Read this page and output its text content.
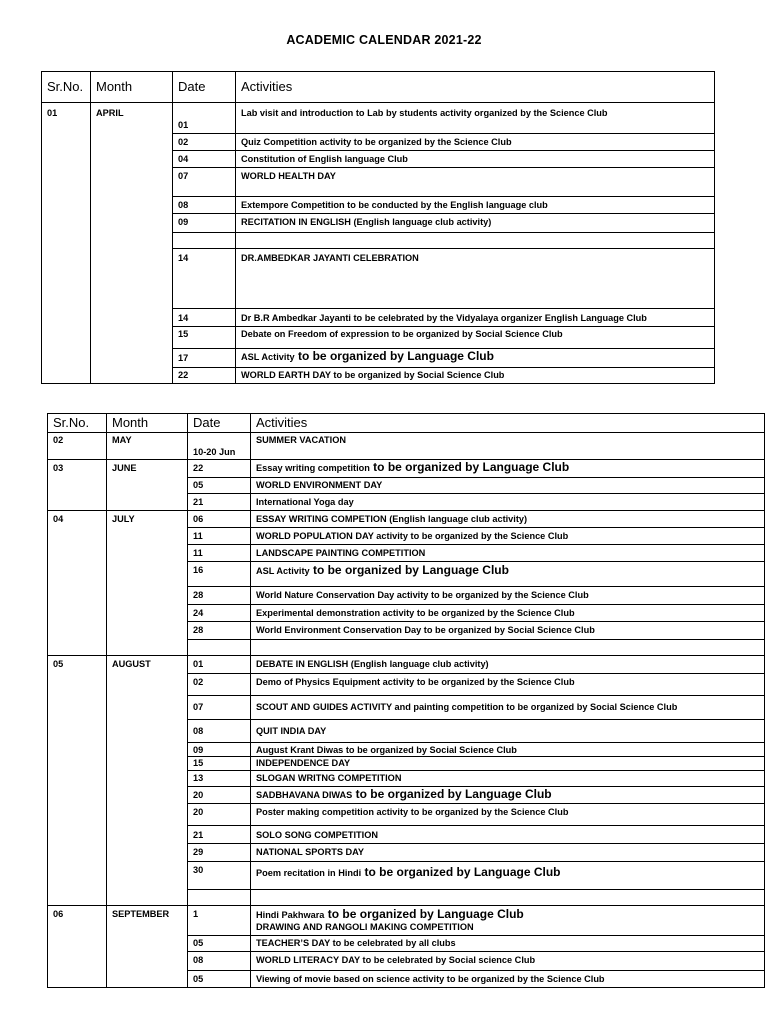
ACADEMIC CALENDAR 2021-22
Sr.No.	Month	Date	Activities
01	APRIL	01	Lab visit and introduction to Lab by students activity organized by the Science Club
		02	Quiz Competition activity to be organized by the Science Club
		04	Constitution of English language Club
		07	WORLD HEALTH DAY
		08	Extempore Competition to be conducted by the English language club
		09	RECITATION IN ENGLISH (English language club activity)

		14	DR.AMBEDKAR JAYANTI CELEBRATION
		14	Dr B.R Ambedkar Jayanti to be celebrated by the Vidyalaya organizer English Language Club
		15	Debate on Freedom of expression to be organized by Social Science Club
		17	ASL Activity to be organized by Language Club
		22	WORLD EARTH DAY to be organized by Social Science Club
Sr.No.	Month	Date	Activities
02	MAY	10-20 Jun	SUMMER VACATION
03	JUNE	22	Essay writing competition to be organized by Language Club
		05	WORLD ENVIRONMENT DAY
		21	International Yoga day
04	JULY	06	ESSAY WRITING COMPETION (English language club activity)
		11	WORLD POPULATION DAY activity to be organized by the Science Club
		11	LANDSCAPE PAINTING COMPETITION
		16	ASL Activity to be organized by Language Club
		28	World Nature Conservation Day activity to be organized by the Science Club
		24	Experimental demonstration activity to be organized by the Science Club
		28	World Environment Conservation Day to be organized by Social Science Club

05	AUGUST	01	DEBATE IN ENGLISH (English language club activity)
		02	Demo of Physics Equipment activity to be organized by the Science Club
		07	SCOUT AND GUIDES ACTIVITY and painting competition to be organized by Social Science Club
		08	QUIT INDIA DAY
		09	August Krant Diwas to be organized by Social Science Club
		15	INDEPENDENCE DAY
		13	SLOGAN WRITNG COMPETITION
		20	SADBHAVANA DIWAS to be organized by Language Club
		20	Poster making competition activity to be organized by the Science Club
		21	SOLO SONG COMPETITION
		29	NATIONAL SPORTS DAY
		30	Poem recitation in Hindi to be organized by Language Club

06	SEPTEMBER	1	Hindi Pakhwara to be organized by Language Club
DRAWING AND RANGOLI MAKING COMPETITION

		05	TEACHER’S DAY to be celebrated by all clubs
		08	WORLD LITERACY DAY to be celebrated by Social science Club
		05	Viewing of movie based on science activity to be organized by the Science Club
